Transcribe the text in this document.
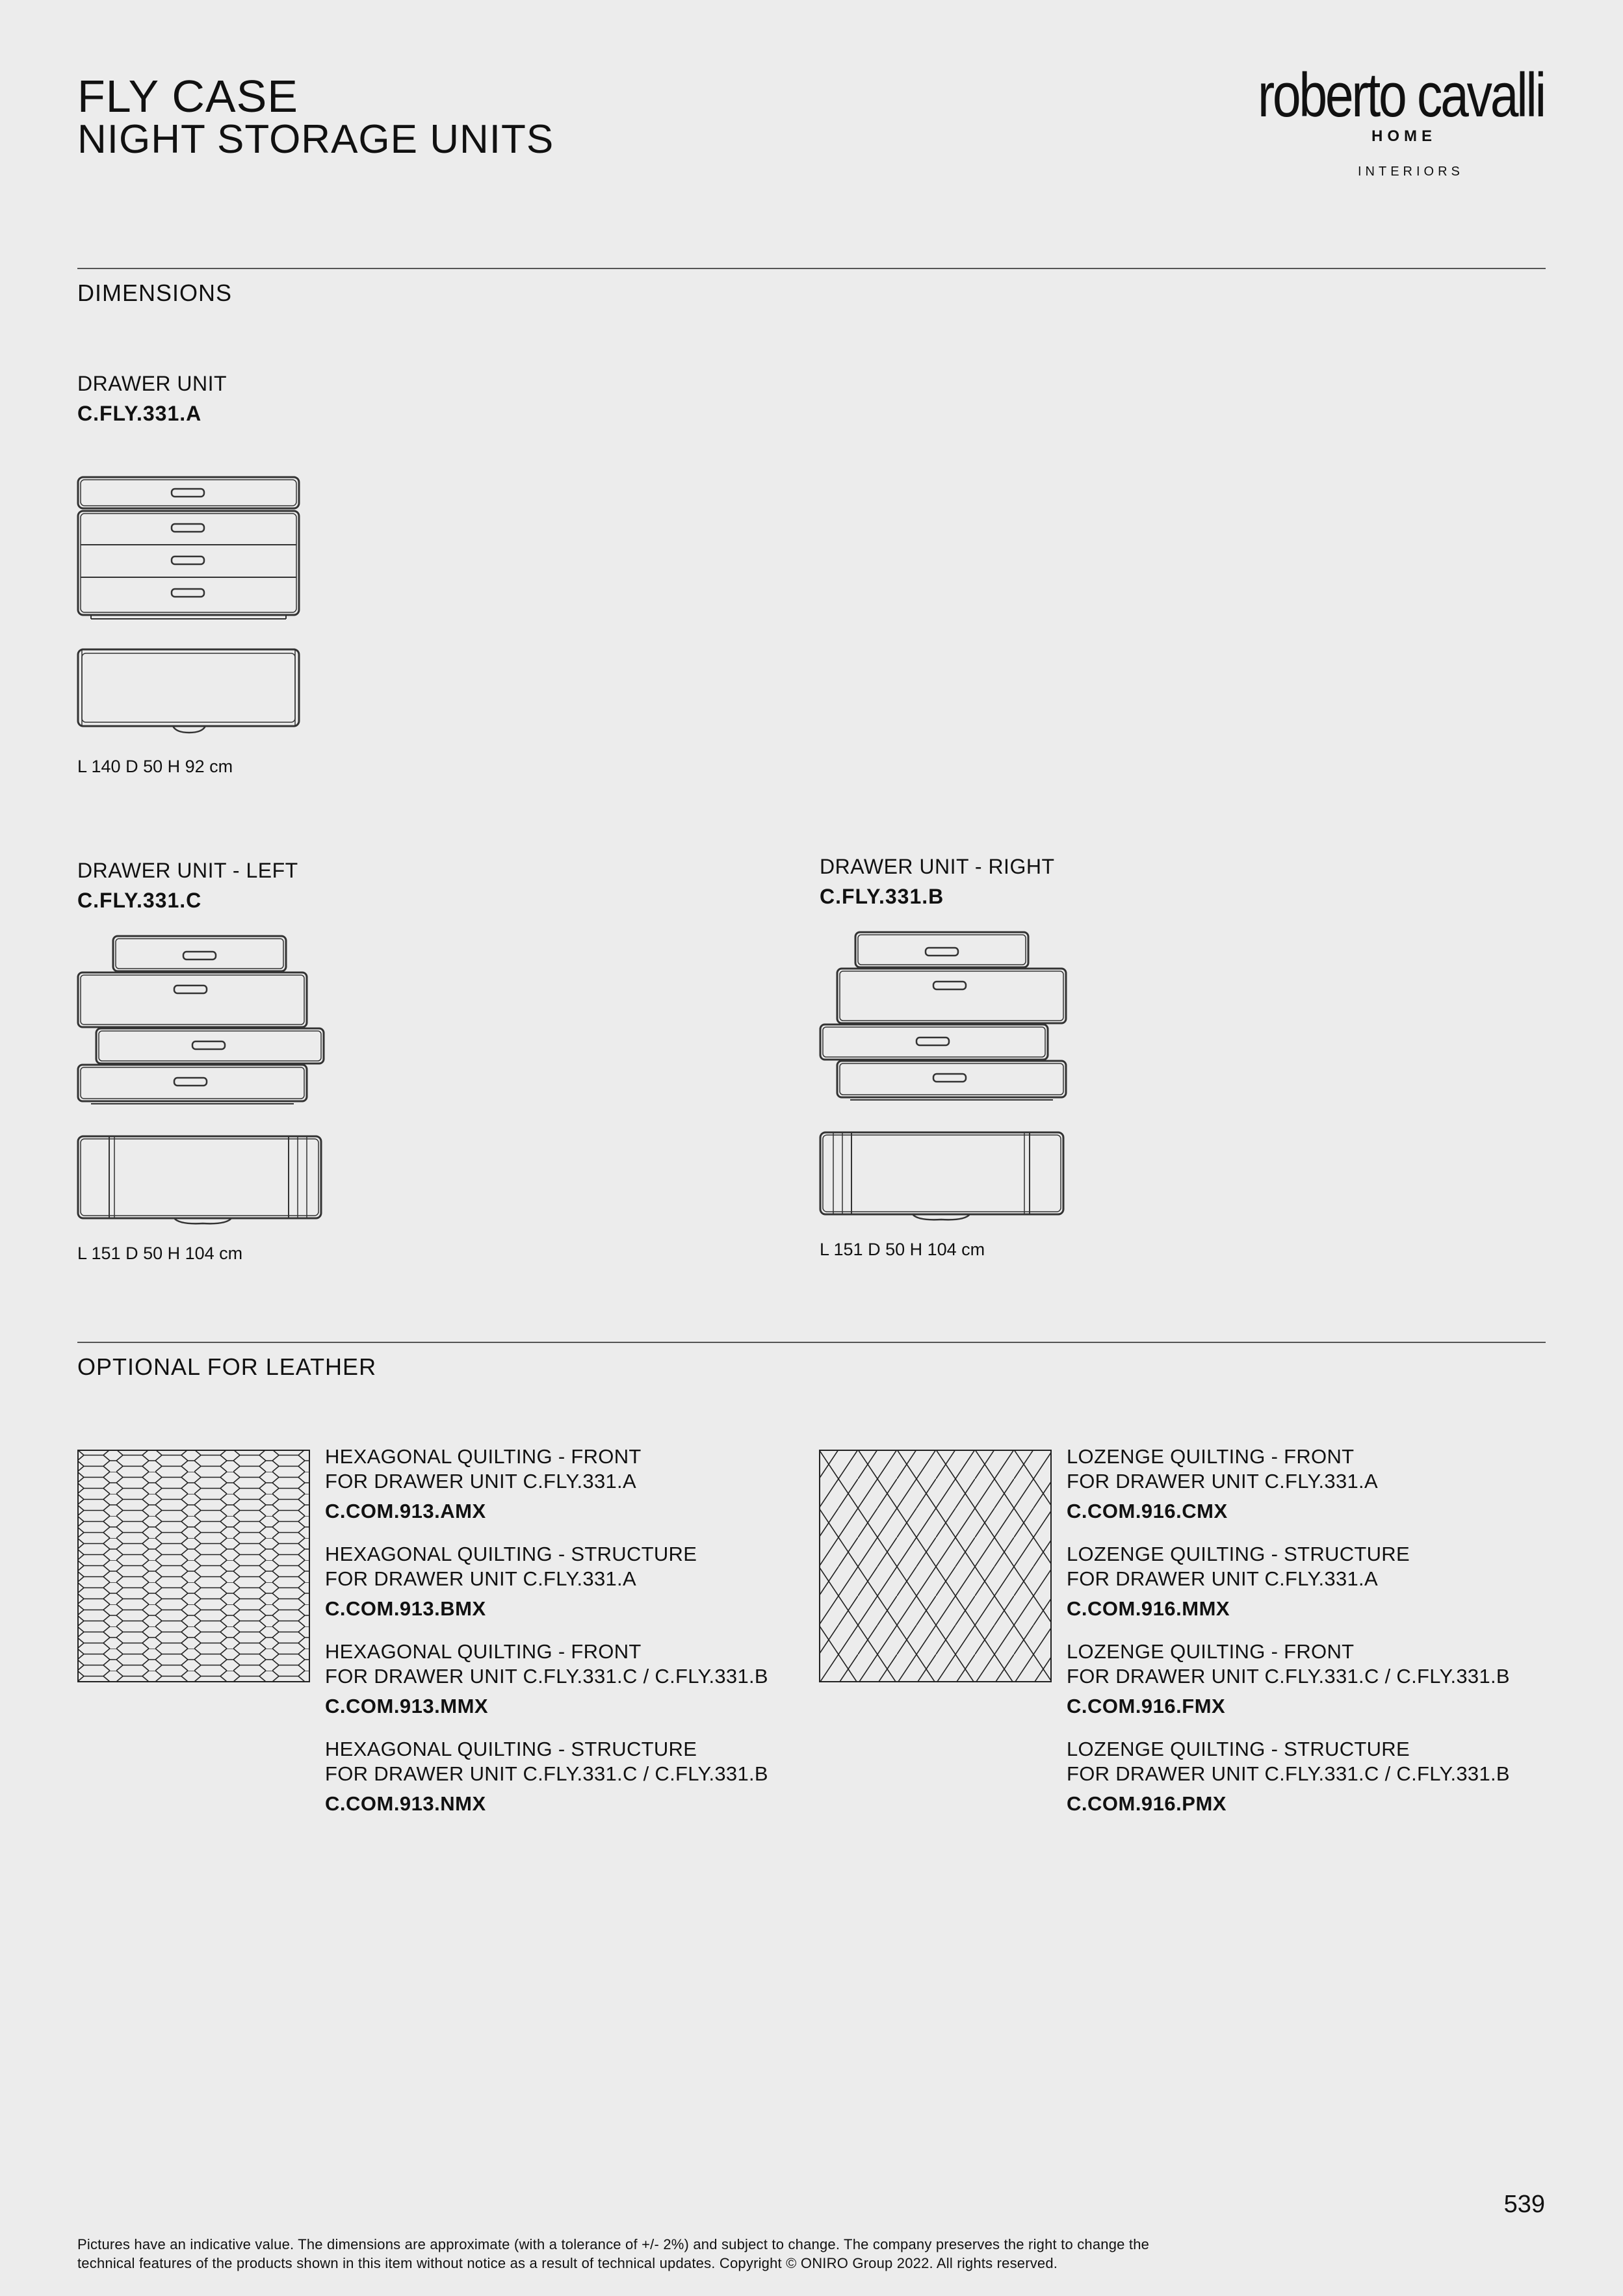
FLY CASE
NIGHT STORAGE UNITS
roberto cavalli
HOME
INTERIORS
DIMENSIONS
DRAWER UNIT
C.FLY.331.A
L 140 D 50 H 92 cm
DRAWER UNIT - LEFT
C.FLY.331.C
L 151 D 50 H 104 cm
DRAWER UNIT - RIGHT
C.FLY.331.B
L 151 D 50 H 104 cm
OPTIONAL FOR LEATHER
HEXAGONAL QUILTING - FRONT
FOR DRAWER UNIT C.FLY.331.A
C.COM.913.AMX
HEXAGONAL QUILTING - STRUCTURE
FOR DRAWER UNIT C.FLY.331.A
C.COM.913.BMX
HEXAGONAL QUILTING - FRONT
FOR DRAWER UNIT C.FLY.331.C / C.FLY.331.B
C.COM.913.MMX
HEXAGONAL QUILTING - STRUCTURE
FOR DRAWER UNIT C.FLY.331.C / C.FLY.331.B
C.COM.913.NMX
LOZENGE QUILTING - FRONT
FOR DRAWER UNIT C.FLY.331.A
C.COM.916.CMX
LOZENGE QUILTING - STRUCTURE
FOR DRAWER UNIT C.FLY.331.A
C.COM.916.MMX
LOZENGE QUILTING - FRONT
FOR DRAWER UNIT C.FLY.331.C / C.FLY.331.B
C.COM.916.FMX
LOZENGE QUILTING - STRUCTURE
FOR DRAWER UNIT C.FLY.331.C / C.FLY.331.B
C.COM.916.PMX
539
Pictures have an indicative value. The dimensions are approximate (with a tolerance of +/- 2%) and subject to change. The company preserves the right to change the
technical features of the products shown in this item without notice as a result of technical updates. Copyright © ONIRO Group 2022. All rights reserved.
